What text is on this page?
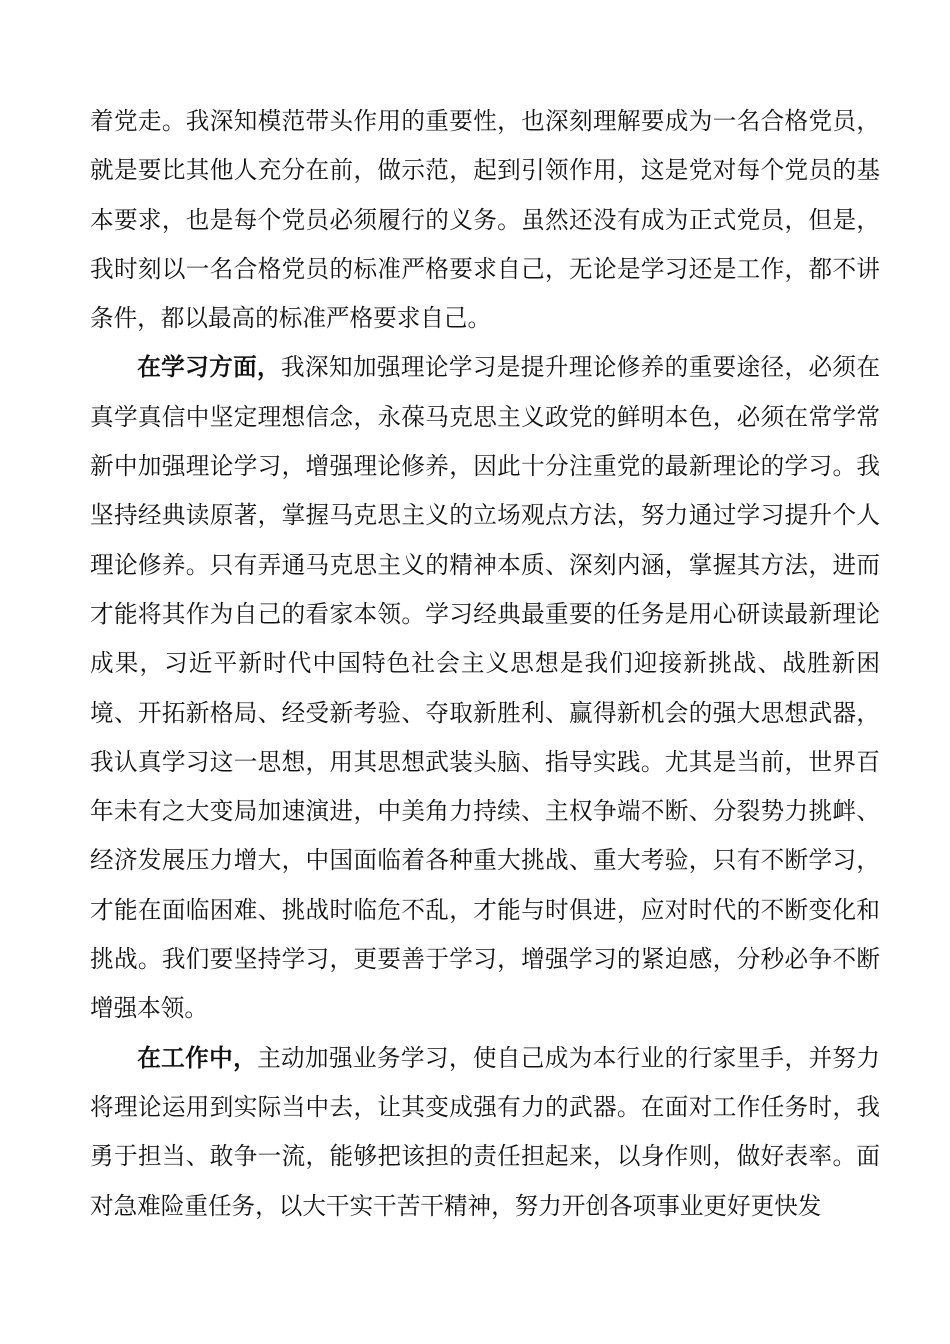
着党走。我深知模范带头作用的重要性，也深刻理解要成为一名合格党员，就是要比其他人充分在前，做示范，起到引领作用，这是党对每个党员的基本要求，也是每个党员必须履行的义务。虽然还没有成为正式党员，但是，我时刻以一名合格党员的标准严格要求自己，无论是学习还是工作，都不讲条件，都以最高的标准严格要求自己。

在学习方面，我深知加强理论学习是提升理论修养的重要途径，必须在真学真信中坚定理想信念，永葆马克思主义政党的鲜明本色，必须在常学常新中加强理论学习，增强理论修养，因此十分注重党的最新理论的学习。我坚持经典读原著，掌握马克思主义的立场观点方法，努力通过学习提升个人理论修养。只有弄通马克思主义的精神本质、深刻内涵，掌握其方法，进而才能将其作为自己的看家本领。学习经典最重要的任务是用心研读最新理论成果，习近平新时代中国特色社会主义思想是我们迎接新挑战、战胜新困境、开拓新格局、经受新考验、夺取新胜利、赢得新机会的强大思想武器，我认真学习这一思想，用其思想武装头脑、指导实践。尤其是当前，世界百年未有之大变局加速演进，中美角力持续、主权争端不断、分裂势力挑衅、经济发展压力增大，中国面临着各种重大挑战、重大考验，只有不断学习，才能在面临困难、挑战时临危不乱，才能与时俱进，应对时代的不断变化和挑战。我们要坚持学习，更要善于学习，增强学习的紧迫感，分秒必争不断增强本领。

在工作中，主动加强业务学习，使自己成为本行业的行家里手，并努力将理论运用到实际当中去，让其变成强有力的武器。在面对工作任务时，我勇于担当、敢争一流，能够把该担的责任担起来，以身作则，做好表率。面对急难险重任务，以大干实干苦干精神，努力开创各项事业更好更快发
